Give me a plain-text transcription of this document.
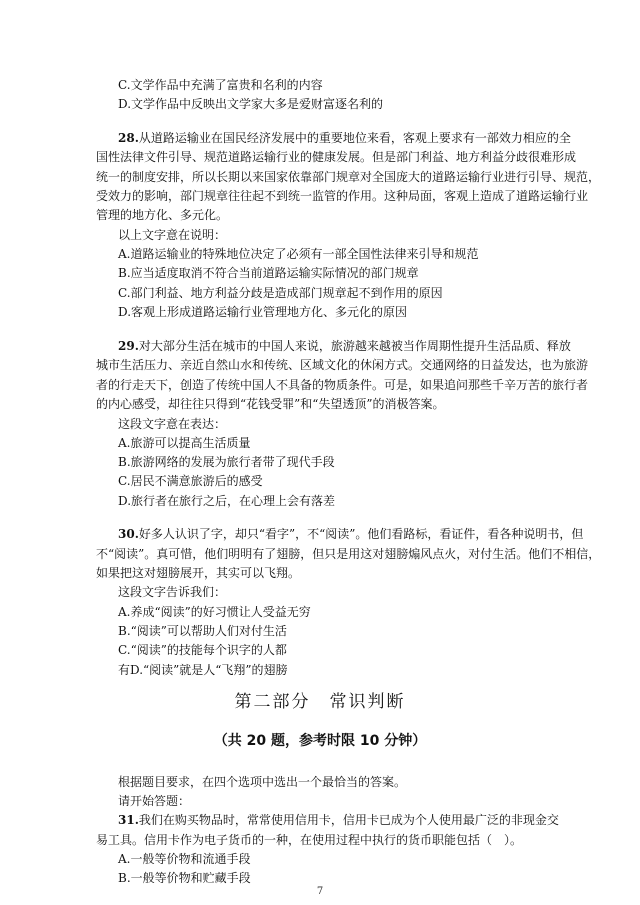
C.文学作品中充满了富贵和名利的内容
D.文学作品中反映出文学家大多是爱财富逐名利的
28.从道路运输业在国民经济发展中的重要地位来看，客观上要求有一部效力相应的全
国性法律文件引导、规范道路运输行业的健康发展。但是部门利益、地方利益分歧很难形成
统一的制度安排，所以长期以来国家依靠部门规章对全国庞大的道路运输行业进行引导、规范，
受效力的影响，部门规章往往起不到统一监管的作用。这种局面，客观上造成了道路运输行业
管理的地方化、多元化。
以上文字意在说明：
A.道路运输业的特殊地位决定了必须有一部全国性法律来引导和规范
B.应当适度取消不符合当前道路运输实际情况的部门规章
C.部门利益、地方利益分歧是造成部门规章起不到作用的原因
D.客观上形成道路运输行业管理地方化、多元化的原因
29.对大部分生活在城市的中国人来说，旅游越来越被当作周期性提升生活品质、释放
城市生活压力、亲近自然山水和传统、区域文化的休闲方式。交通网络的日益发达，也为旅游
者的行走天下，创造了传统中国人不具备的物质条件。可是，如果追问那些千辛万苦的旅行者
的内心感受，却往往只得到“花钱受罪”和“失望透顶”的消极答案。
这段文字意在表达：
A.旅游可以提高生活质量
B.旅游网络的发展为旅行者带了现代手段
C.居民不满意旅游后的感受
D.旅行者在旅行之后，在心理上会有落差
30.好多人认识了字，却只“看字”，不“阅读”。他们看路标，看证件，看各种说明书，但
不“阅读”。真可惜，他们明明有了翅膀，但只是用这对翅膀煽风点火，对付生活。他们不相信，
如果把这对翅膀展开，其实可以飞翔。
这段文字告诉我们：
A.养成“阅读”的好习惯让人受益无穷
B.“阅读”可以帮助人们对付生活
C.“阅读”的技能每个识字的人都
有D.“阅读”就是人“飞翔”的翅膀
第二部分　常识判断
（共 20 题，参考时限 10 分钟）
根据题目要求，在四个选项中选出一个最恰当的答案。
请开始答题：
31.我们在购买物品时，常常使用信用卡，信用卡已成为个人使用最广泛的非现金交
易工具。信用卡作为电子货币的一种，在使用过程中执行的货币职能包括（　）。
A.一般等价物和流通手段
B.一般等价物和贮藏手段
7
